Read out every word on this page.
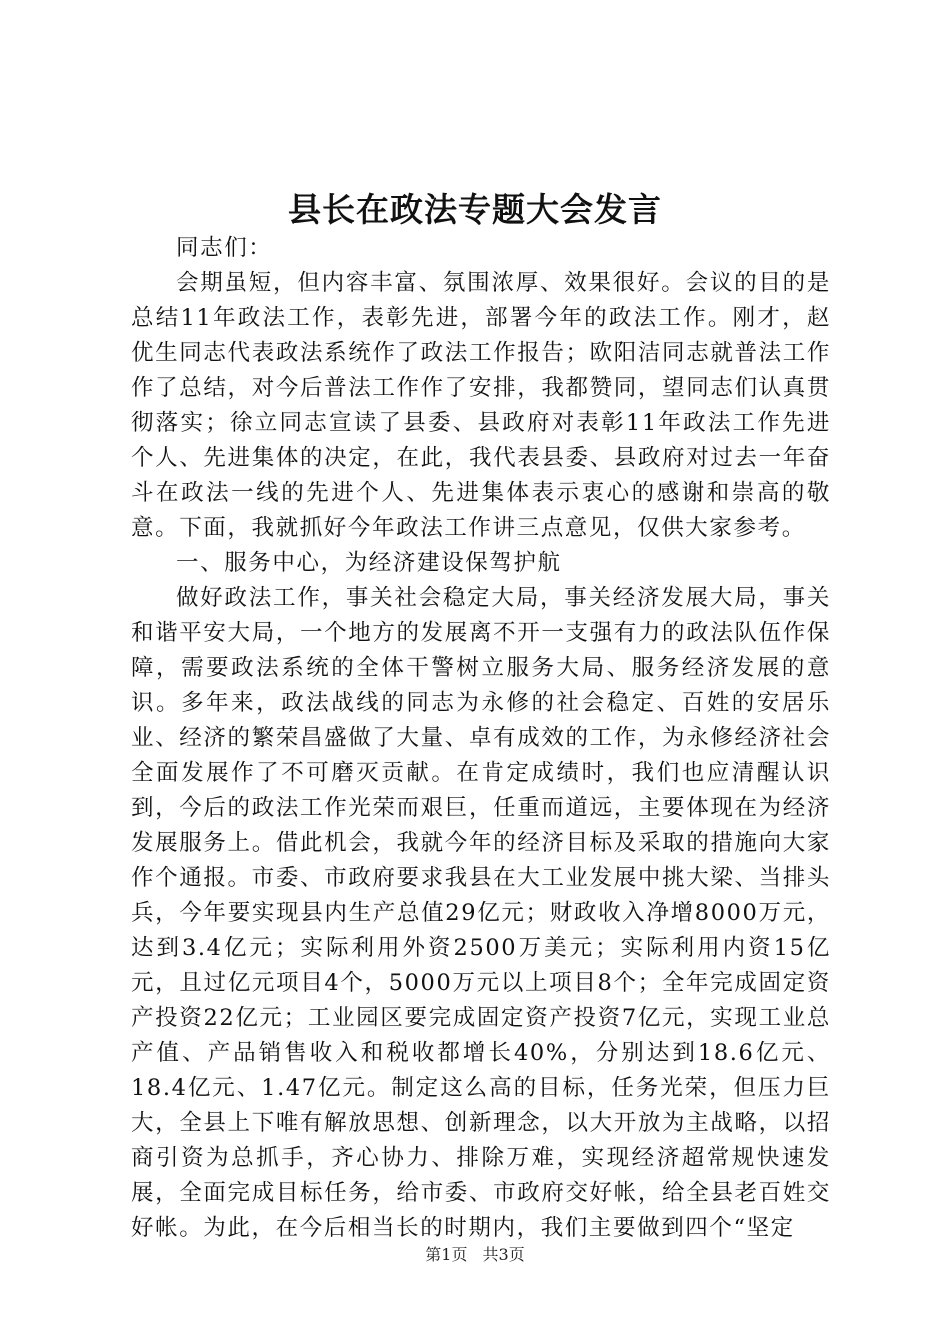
县长在政法专题大会发言

同志们：

会期虽短，但内容丰富、氛围浓厚、效果很好。会议的目的是总结11年政法工作，表彰先进，部署今年的政法工作。刚才，赵优生同志代表政法系统作了政法工作报告；欧阳洁同志就普法工作作了总结，对今后普法工作作了安排，我都赞同，望同志们认真贯彻落实；徐立同志宣读了县委、县政府对表彰11年政法工作先进个人、先进集体的决定，在此，我代表县委、县政府对过去一年奋斗在政法一线的先进个人、先进集体表示衷心的感谢和崇高的敬意。下面，我就抓好今年政法工作讲三点意见，仅供大家参考。

一、服务中心，为经济建设保驾护航

做好政法工作，事关社会稳定大局，事关经济发展大局，事关和谐平安大局，一个地方的发展离不开一支强有力的政法队伍作保障，需要政法系统的全体干警树立服务大局、服务经济发展的意识。多年来，政法战线的同志为永修的社会稳定、百姓的安居乐业、经济的繁荣昌盛做了大量、卓有成效的工作，为永修经济社会全面发展作了不可磨灭贡献。在肯定成绩时，我们也应清醒认识到，今后的政法工作光荣而艰巨，任重而道远，主要体现在为经济发展服务上。借此机会，我就今年的经济目标及采取的措施向大家作个通报。市委、市政府要求我县在大工业发展中挑大梁、当排头兵，今年要实现县内生产总值29亿元；财政收入净增8000万元，达到3.4亿元；实际利用外资2500万美元；实际利用内资15亿元，且过亿元项目4个，5000万元以上项目8个；全年完成固定资产投资22亿元；工业园区要完成固定资产投资7亿元，实现工业总产值、产品销售收入和税收都增长40%，分别达到18.6亿元、18.4亿元、1.47亿元。制定这么高的目标，任务光荣，但压力巨大，全县上下唯有解放思想、创新理念，以大开放为主战略，以招商引资为总抓手，齐心协力、排除万难，实现经济超常规快速发展，全面完成目标任务，给市委、市政府交好帐，给全县老百姓交好帐。为此，在今后相当长的时期内，我们主要做到四个“坚定

第1页 共3页
